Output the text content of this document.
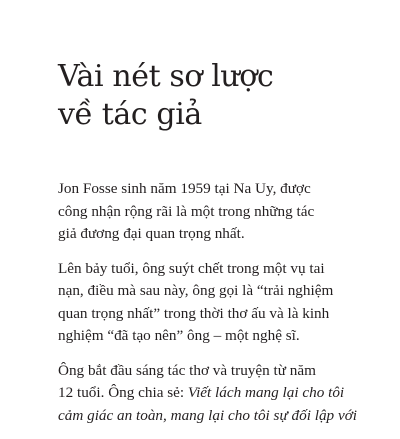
Vài nét sơ lược
về tác giả

Jon Fosse sinh năm 1959 tại Na Uy, được
công nhận rộng rãi là một trong những tác
giả đương đại quan trọng nhất.

Lên bảy tuổi, ông suýt chết trong một vụ tai
nạn, điều mà sau này, ông gọi là “trải nghiệm
quan trọng nhất” trong thời thơ ấu và là kinh
nghiệm “đã tạo nên” ông – một nghệ sĩ.

Ông bắt đầu sáng tác thơ và truyện từ năm
12 tuổi. Ông chia sẻ: Viết lách mang lại cho tôi
cảm giác an toàn, mang lại cho tôi sự đối lập với
